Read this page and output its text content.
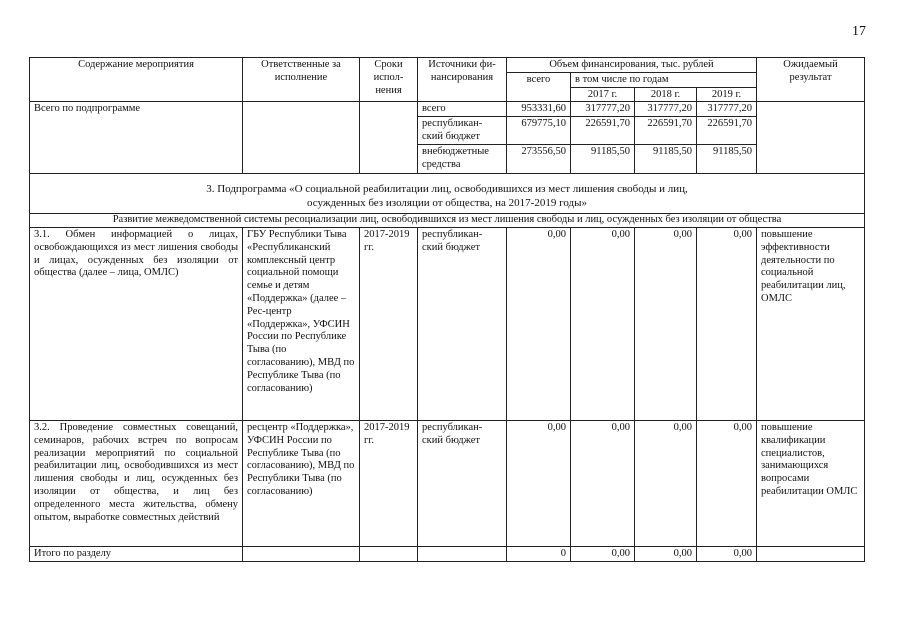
17
Содержание мероприятия	Ответственные за исполнение	Сроки испол-нения	Источники фи-нансирования	Объем финансирования, тыс. рублей				Ожидаемый результат
				всего	в том числе по годам			
					2017 г.	2018 г.	2019 г.	
Всего по подпрограмме			всего	953331,60	317777,20	317777,20	317777,20	
			республикан-ский бюджет	679775,10	226591,70	226591,70	226591,70	
			внебюджетные средства	273556,50	91185,50	91185,50	91185,50	
3. Подпрограмма «О социальной реабилитации лиц, освободившихся из мест лишения свободы и лиц,
осужденных без изоляции от общества, на 2017-2019 годы»								
Развитие межведомственной системы ресоциализации лиц, освободившихся из мест лишения свободы и лиц, осужденных без изоляции от общества								
3.1. Обмен информацией о лицах, освобождающихся из мест лишения свободы и лицах, осужденных без изоляции от общества (далее – лица, ОМЛС)	ГБУ Республики Тыва «Республиканский комплексный центр социальной помощи семье и детям «Поддержка» (далее – Рес-центр «Поддержка», УФСИН России по Республике Тыва (по согласованию), МВД по Республике Тыва (по согласованию)	2017-2019 гг.	республикан-ский бюджет	0,00	0,00	0,00	0,00	повышение эффективности деятельности по социальной реабилитации лиц, ОМЛС
3.2. Проведение совместных совещаний, семинаров, рабочих встреч по вопросам реализации мероприятий по социальной реабилитации лиц, освободившихся из мест лишения свободы и лиц, осужденных без изоляции от общества, и лиц без определенного места жительства, обмену опытом, выработке совместных действий	ресцентр «Поддержка», УФСИН России по Республике Тыва (по согласованию), МВД по Республики Тыва (по согласованию)	2017-2019 гг.	республикан-ский бюджет	0,00	0,00	0,00	0,00	повышение квалификации специалистов, занимающихся вопросами реабилитации ОМЛС
Итого по разделу				0	0,00	0,00	0,00	
